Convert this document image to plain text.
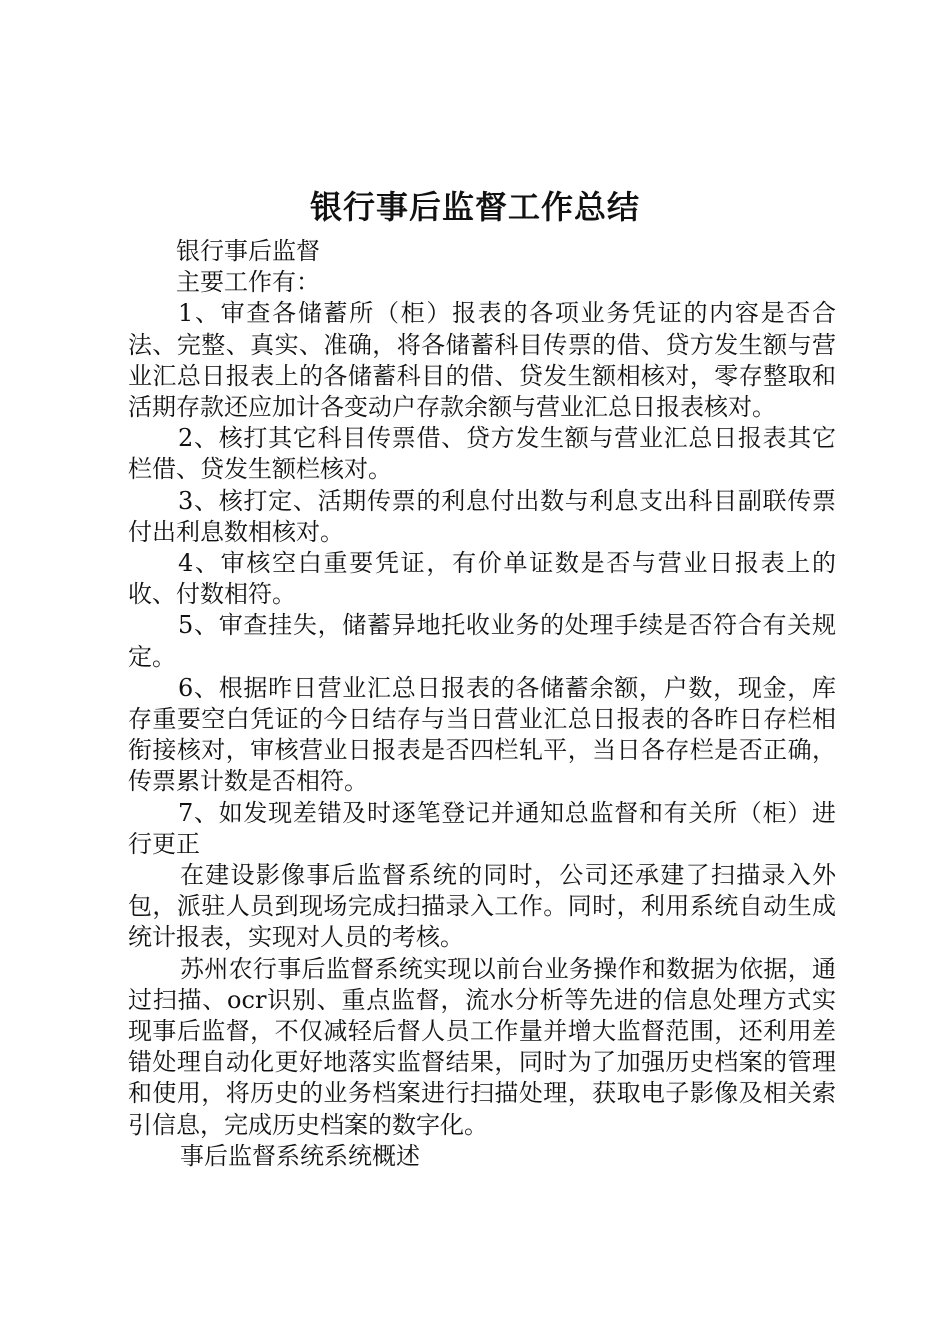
银行事后监督工作总结

银行事后监督

主要工作有：

1、审查各储蓄所（柜）报表的各项业务凭证的内容是否合法、完整、真实、准确，将各储蓄科目传票的借、贷方发生额与营业汇总日报表上的各储蓄科目的借、贷发生额相核对，零存整取和活期存款还应加计各变动户存款余额与营业汇总日报表核对。

2、核打其它科目传票借、贷方发生额与营业汇总日报表其它栏借、贷发生额栏核对。

3、核打定、活期传票的利息付出数与利息支出科目副联传票付出利息数相核对。

4、审核空白重要凭证，有价单证数是否与营业日报表上的收、付数相符。

5、审查挂失，储蓄异地托收业务的处理手续是否符合有关规定。

6、根据昨日营业汇总日报表的各储蓄余额，户数，现金，库存重要空白凭证的今日结存与当日营业汇总日报表的各昨日存栏相衔接核对，审核营业日报表是否四栏轧平，当日各存栏是否正确，传票累计数是否相符。

7、如发现差错及时逐笔登记并通知总监督和有关所（柜）进行更正

在建设影像事后监督系统的同时，公司还承建了扫描录入外包，派驻人员到现场完成扫描录入工作。同时，利用系统自动生成统计报表，实现对人员的考核。

苏州农行事后监督系统实现以前台业务操作和数据为依据，通过扫描、ocr识别、重点监督，流水分析等先进的信息处理方式实现事后监督，不仅减轻后督人员工作量并增大监督范围，还利用差错处理自动化更好地落实监督结果，同时为了加强历史档案的管理和使用，将历史的业务档案进行扫描处理，获取电子影像及相关索引信息，完成历史档案的数字化。

事后监督系统系统概述
